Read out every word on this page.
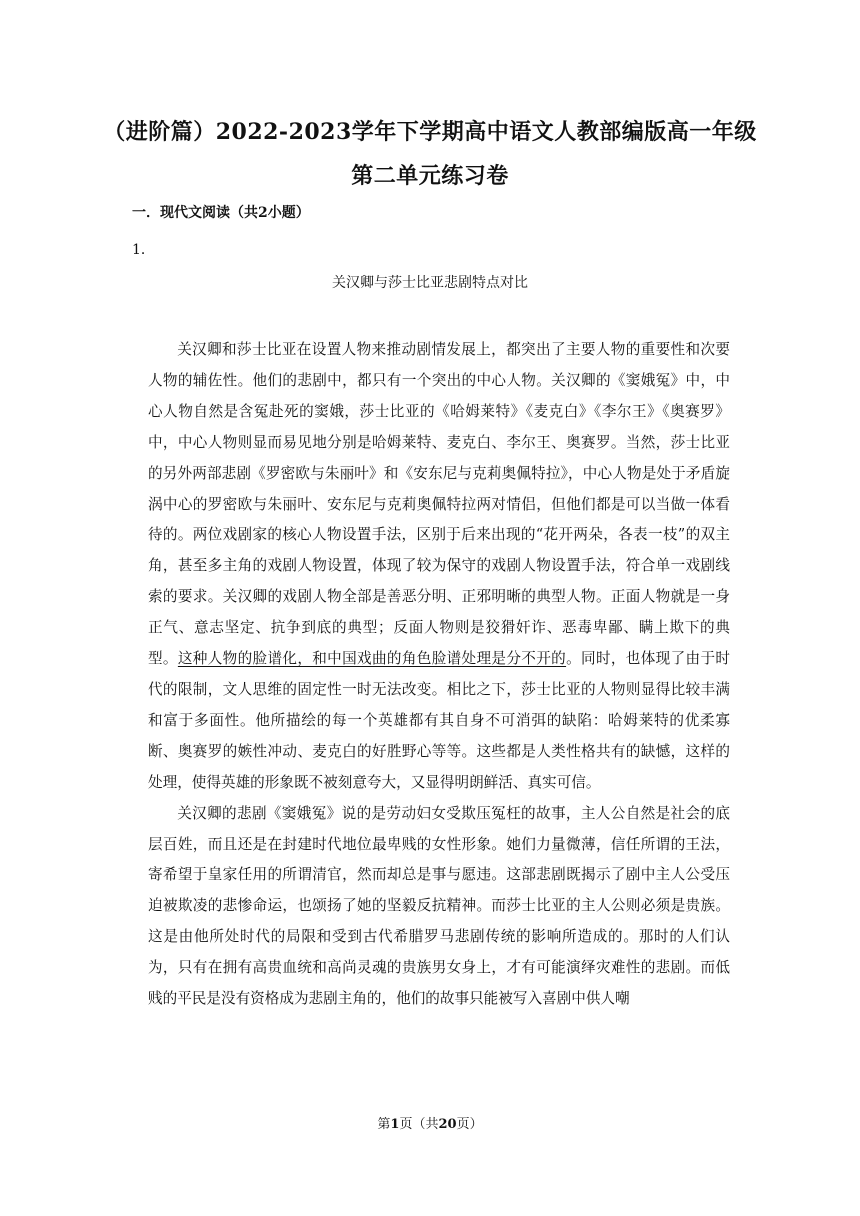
（进阶篇）2022-2023学年下学期高中语文人教部编版高一年级
第二单元练习卷
一．现代文阅读（共2小题）
1．
关汉卿与莎士比亚悲剧特点对比

关汉卿和莎士比亚在设置人物来推动剧情发展上，都突出了主要人物的重要性和次要人物的辅佐性。他们的悲剧中，都只有一个突出的中心人物。关汉卿的《窦娥冤》中，中心人物自然是含冤赴死的窦娥，莎士比亚的《哈姆莱特》《麦克白》《李尔王》《奥赛罗》中，中心人物则显而易见地分别是哈姆莱特、麦克白、李尔王、奥赛罗。当然，莎士比亚的另外两部悲剧《罗密欧与朱丽叶》和《安东尼与克莉奥佩特拉》，中心人物是处于矛盾旋涡中心的罗密欧与朱丽叶、安东尼与克莉奥佩特拉两对情侣，但他们都是可以当做一体看待的。两位戏剧家的核心人物设置手法，区别于后来出现的“花开两朵，各表一枝”的双主角，甚至多主角的戏剧人物设置，体现了较为保守的戏剧人物设置手法，符合单一戏剧线索的要求。关汉卿的戏剧人物全部是善恶分明、正邪明晰的典型人物。正面人物就是一身正气、意志坚定、抗争到底的典型；反面人物则是狡猾奸诈、恶毒卑鄙、瞒上欺下的典型。这种人物的脸谱化，和中国戏曲的角色脸谱处理是分不开的。同时，也体现了由于时代的限制，文人思维的固定性一时无法改变。相比之下，莎士比亚的人物则显得比较丰满和富于多面性。他所描绘的每一个英雄都有其自身不可消弭的缺陷：哈姆莱特的优柔寡断、奥赛罗的嫉性冲动、麦克白的好胜野心等等。这些都是人类性格共有的缺憾，这样的处理，使得英雄的形象既不被刻意夸大，又显得明朗鲜活、真实可信。

关汉卿的悲剧《窦娥冤》说的是劳动妇女受欺压冤枉的故事，主人公自然是社会的底层百姓，而且还是在封建时代地位最卑贱的女性形象。她们力量微薄，信任所谓的王法，寄希望于皇家任用的所谓清官，然而却总是事与愿违。这部悲剧既揭示了剧中主人公受压迫被欺凌的悲惨命运，也颂扬了她的坚毅反抗精神。而莎士比亚的主人公则必须是贵族。这是由他所处时代的局限和受到古代希腊罗马悲剧传统的影响所造成的。那时的人们认为，只有在拥有高贵血统和高尚灵魂的贵族男女身上，才有可能演绎灾难性的悲剧。而低贱的平民是没有资格成为悲剧主角的，他们的故事只能被写入喜剧中供人嘲

第1页（共20页）
